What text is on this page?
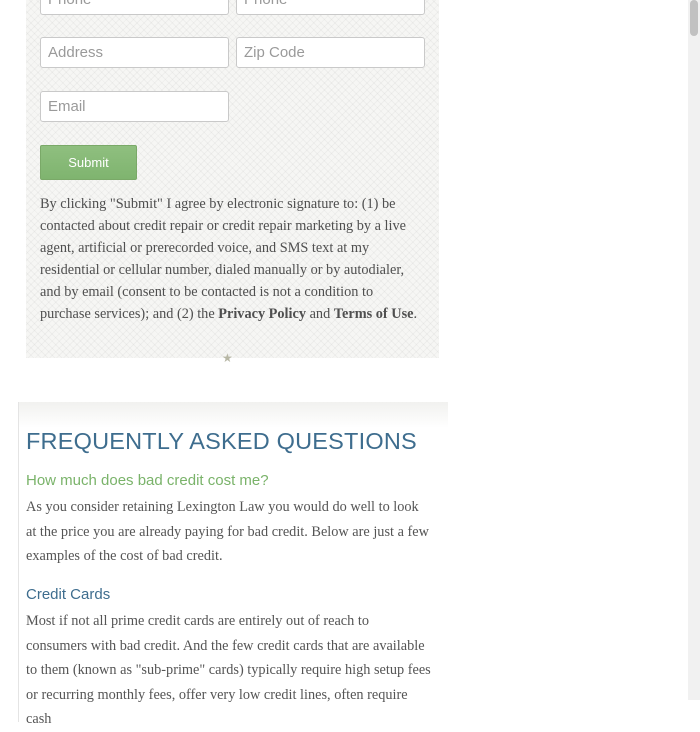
Phone
Phone
Address
Zip Code
Email
Submit

By clicking "Submit" I agree by electronic signature to: (1) be contacted about credit repair or credit repair marketing by a live agent, artificial or prerecorded voice, and SMS text at my residential or cellular number, dialed manually or by autodialer, and by email (consent to be contacted is not a condition to purchase services); and (2) the Privacy Policy and Terms of Use.

★
FREQUENTLY ASKED QUESTIONS
How much does bad credit cost me?

As you consider retaining Lexington Law you would do well to look at the price you are already paying for bad credit. Below are just a few examples of the cost of bad credit.

Credit Cards

Most if not all prime credit cards are entirely out of reach to consumers with bad credit. And the few credit cards that are available to them (known as "sub-prime" cards) typically require high setup fees or recurring monthly fees, offer very low credit lines, often require cash
